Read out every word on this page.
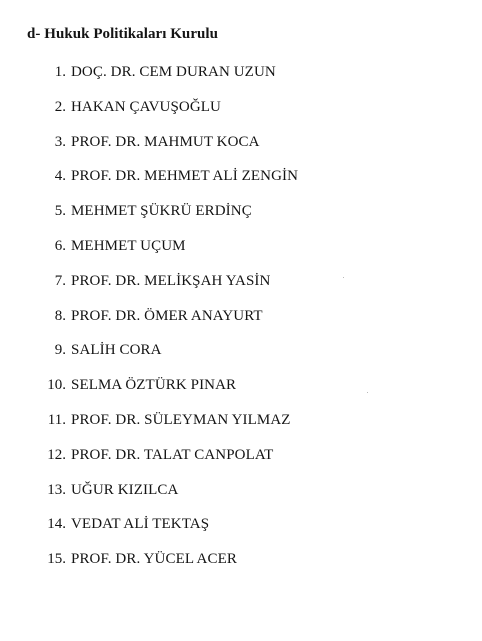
d- Hukuk Politikaları Kurulu
1. DOÇ. DR. CEM DURAN UZUN
2. HAKAN ÇAVUŞOĞLU
3. PROF. DR. MAHMUT KOCA
4. PROF. DR. MEHMET ALİ ZENGİN
5. MEHMET ŞÜKRÜ ERDİNÇ
6. MEHMET UÇUM
7. PROF. DR. MELİKŞAH YASİN
8. PROF. DR. ÖMER ANAYURT
9. SALİH CORA
10. SELMA ÖZTÜRK PINAR
11. PROF. DR. SÜLEYMAN YILMAZ
12. PROF. DR. TALAT CANPOLAT
13. UĞUR KIZILCA
14. VEDAT ALİ TEKTAŞ
15. PROF. DR. YÜCEL ACER
